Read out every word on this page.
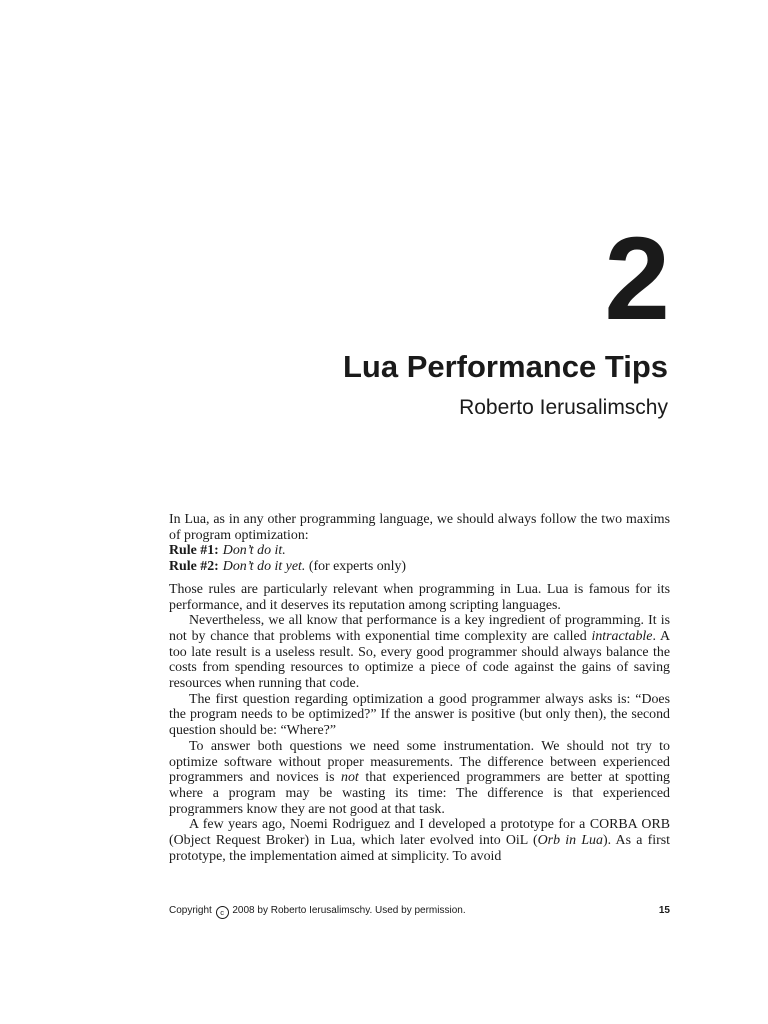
2
Lua Performance Tips
Roberto Ierusalimschy

In Lua, as in any other programming language, we should always follow the two maxims of program optimization:

Rule #1: Don’t do it.

Rule #2: Don’t do it yet. (for experts only)

Those rules are particularly relevant when programming in Lua. Lua is famous for its performance, and it deserves its reputation among scripting languages.

Nevertheless, we all know that performance is a key ingredient of programming. It is not by chance that problems with exponential time complexity are called intractable. A too late result is a useless result. So, every good programmer should always balance the costs from spending resources to optimize a piece of code against the gains of saving resources when running that code.

The first question regarding optimization a good programmer always asks is: “Does the program needs to be optimized?” If the answer is positive (but only then), the second question should be: “Where?”

To answer both questions we need some instrumentation. We should not try to optimize software without proper measurements. The difference between experienced programmers and novices is not that experienced programmers are better at spotting where a program may be wasting its time: The difference is that experienced programmers know they are not good at that task.

A few years ago, Noemi Rodriguez and I developed a prototype for a CORBA ORB (Object Request Broker) in Lua, which later evolved into OiL (Orb in Lua). As a first prototype, the implementation aimed at simplicity. To avoid

Copyright c 2008 by Roberto Ierusalimschy. Used by permission.	15
